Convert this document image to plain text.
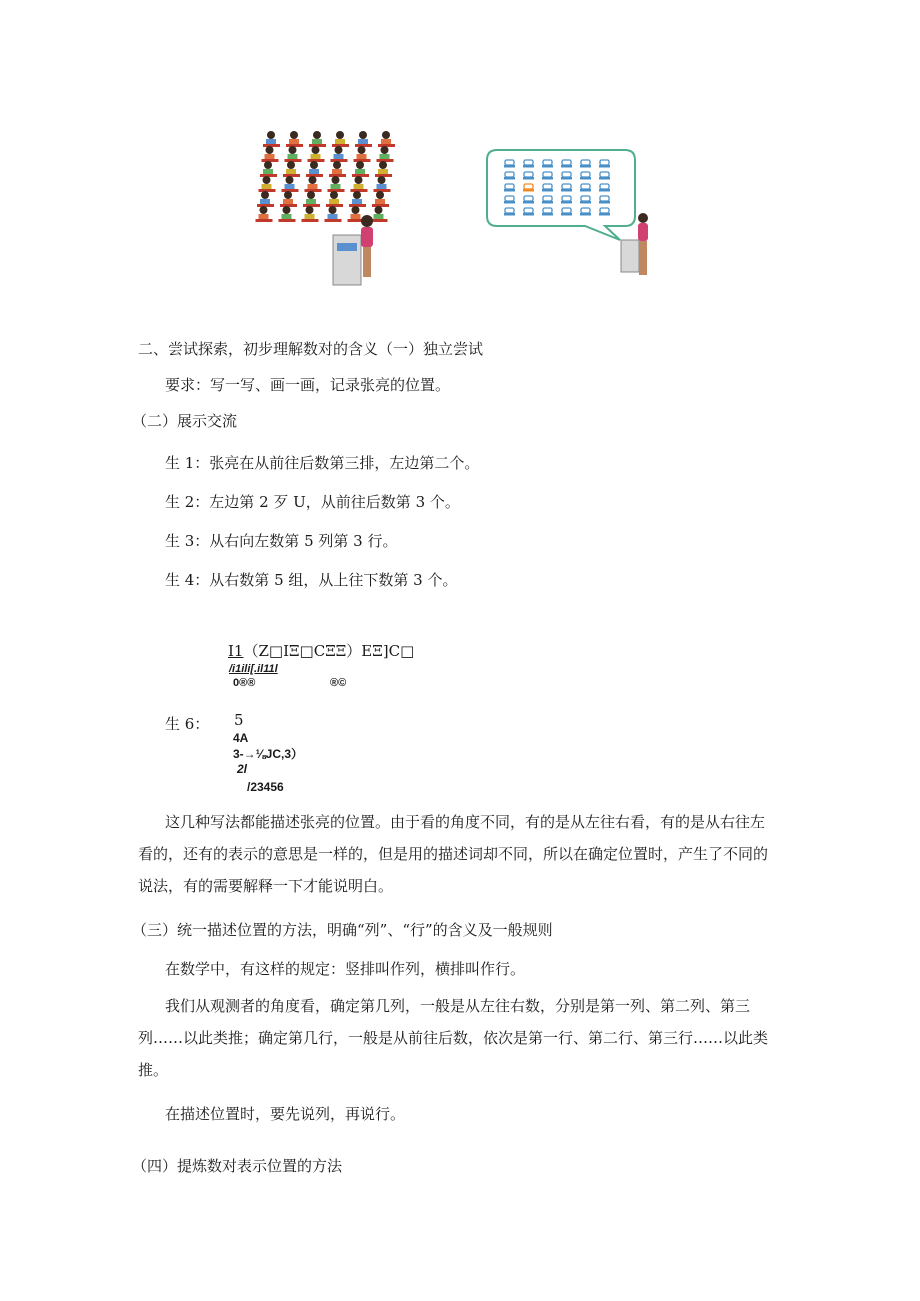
二、尝试探索，初步理解数对的含义（一）独立尝试
要求：写一写、画一画，记录张亮的位置。
（二）展示交流
生 1：张亮在从前往后数第三排，左边第二个。
生 2：左边第 2 歹 U，从前往后数第 3 个。
生 3：从右向左数第 5 列第 3 行。
生 4：从右数第 5 组，从上往下数第 3 个。
I1（Z□IΞ□CΞΞ）EΞ]C□
/i1ili[.il11l
0®®	®©
生 6： 5
4A
3-→⅛JC,3）
2l
/23456
这几种写法都能描述张亮的位置。由于看的角度不同，有的是从左往右看，有的是从右往左看的，还有的表示的意思是一样的，但是用的描述词却不同，所以在确定位置时，产生了不同的说法，有的需要解释一下才能说明白。
（三）统一描述位置的方法，明确“列”、“行”的含义及一般规则
在数学中，有这样的规定：竖排叫作列，横排叫作行。
我们从观测者的角度看，确定第几列，一般是从左往右数，分别是第一列、第二列、第三列……以此类推；确定第几行，一般是从前往后数，依次是第一行、第二行、第三行……以此类推。
在描述位置时，要先说列，再说行。
（四）提炼数对表示位置的方法
